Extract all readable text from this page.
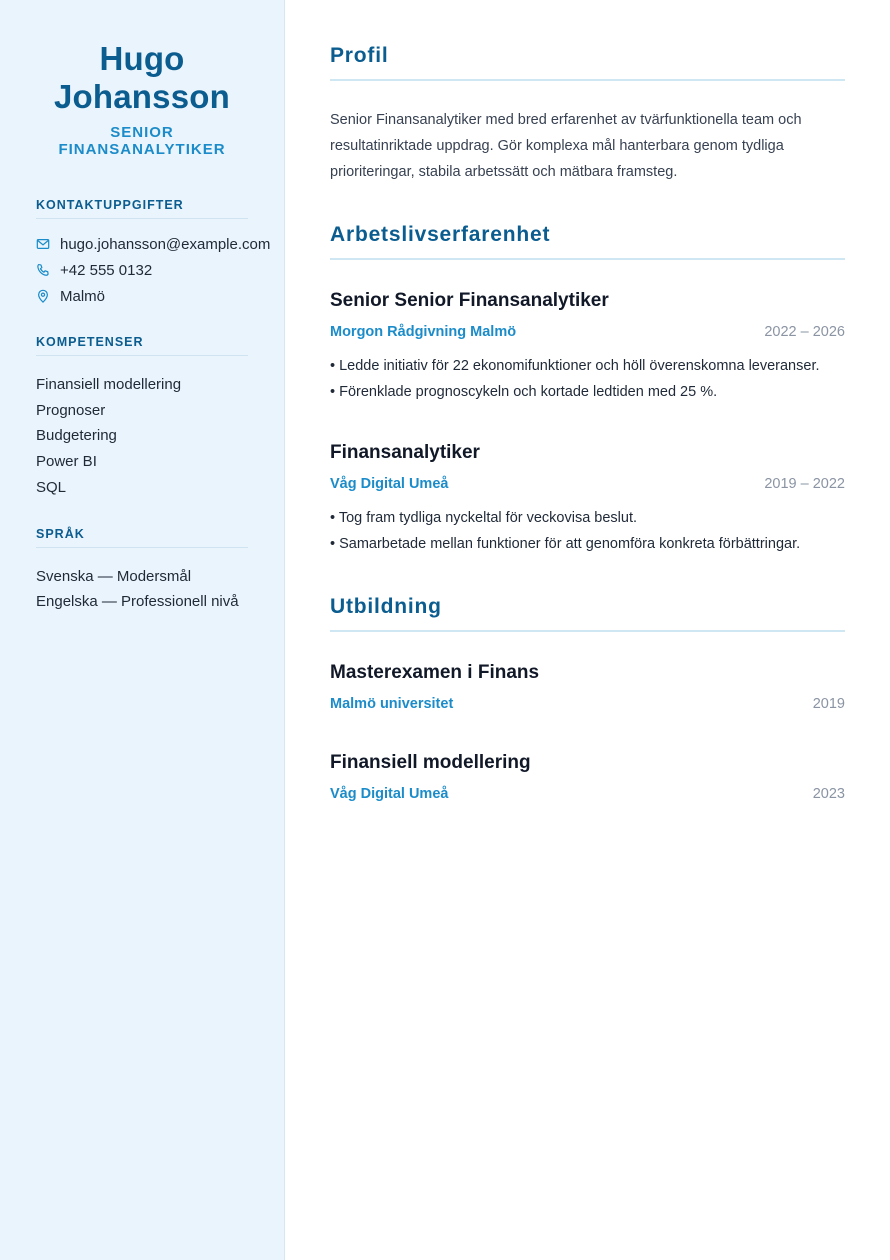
Hugo
Johansson
SENIOR FINANSANALYTIKER
KONTAKTUPPGIFTER
hugo.johansson@example.com
+42 555 0132
Malmö
KOMPETENSER
Finansiell modellering
Prognoser
Budgetering
Power BI
SQL
SPRÅK
Svenska — Modersmål
Engelska — Professionell nivå
Profil

Senior Finansanalytiker med bred erfarenhet av tvärfunktionella team och resultatinriktade uppdrag. Gör komplexa mål hanterbara genom tydliga prioriteringar, stabila arbetssätt och mätbara framsteg.

Arbetslivserfarenhet
Senior Senior Finansanalytiker
Morgon Rådgivning Malmö	2022 – 2026
• Ledde initiativ för 22 ekonomifunktioner och höll överenskomna leveranser.
• Förenklade prognoscykeln och kortade ledtiden med 25 %.
Finansanalytiker
Våg Digital Umeå	2019 – 2022
• Tog fram tydliga nyckeltal för veckovisa beslut.
• Samarbetade mellan funktioner för att genomföra konkreta förbättringar.
Utbildning
Masterexamen i Finans
Malmö universitet	2019
Finansiell modellering
Våg Digital Umeå	2023
